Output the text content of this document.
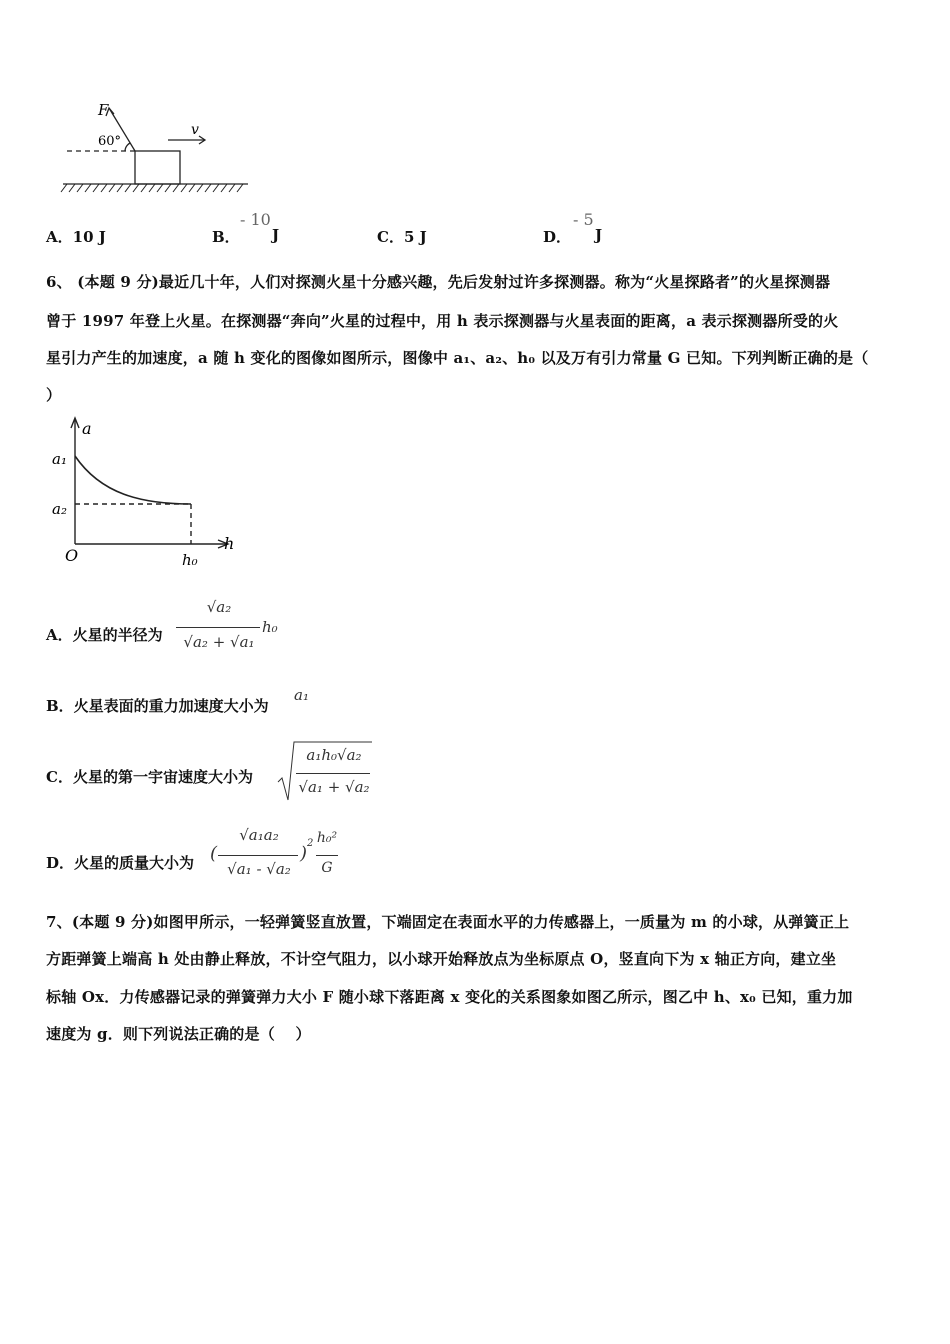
F
60°
v
A．10 J	B．
- 10
J	C．5 J	D．
- 5
J
6、 (本题 9 分)最近几十年，人们对探测火星十分感兴趣，先后发射过许多探测器。称为“火星探路者”的火星探测器
曾于 1997 年登上火星。在探测器“奔向”火星的过程中，用 h 表示探测器与火星表面的距离，a 表示探测器所受的火
星引力产生的加速度，a 随 h 变化的图像如图所示，图像中 a₁、a₂、h₀ 以及万有引力常量 G 已知。下列判断正确的是（
）
a
h
O
a₁
a₂
h₀
A．火星的半径为
√a₂
√a₂ + √a₁
h₀
B．火星表面的重力加速度大小为
a₁
C．火星的第一宇宙速度大小为
a₁h₀√a₂
√a₁ + √a₂
D．火星的质量大小为 (
√a₁a₂
√a₁ - √a₂
) 2 h₀²
G
7、(本题 9 分)如图甲所示，一轻弹簧竖直放置，下端固定在表面水平的力传感器上，一质量为 m 的小球，从弹簧正上
方距弹簧上端高 h 处由静止释放，不计空气阻力，以小球开始释放点为坐标原点 O，竖直向下为 x 轴正方向，建立坐
标轴 Ox．力传感器记录的弹簧弹力大小 F 随小球下落距离 x 变化的关系图象如图乙所示，图乙中 h、x₀ 已知，重力加
速度为 g．则下列说法正确的是（　 ）
